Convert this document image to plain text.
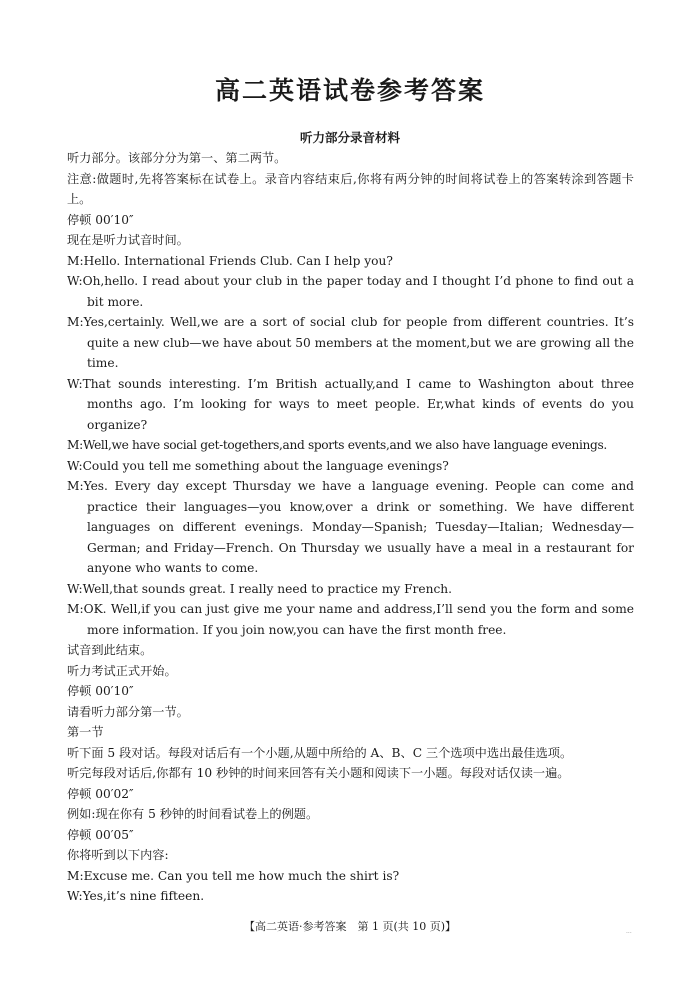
高二英语试卷参考答案
听力部分录音材料

听力部分。该部分分为第一、第二两节。

注意:做题时,先将答案标在试卷上。录音内容结束后,你将有两分钟的时间将试卷上的答案转涂到答题卡上。

停顿 00′10″

现在是听力试音时间。

M:Hello. International Friends Club. Can I help you?

W:Oh,hello. I read about your club in the paper today and I thought I’d phone to find out a bit more.

M:Yes,certainly. Well,we are a sort of social club for people from different countries. It’s quite a new club—we have about 50 members at the moment,but we are growing all the time.

W:That sounds interesting. I’m British actually,and I came to Washington about three months ago. I’m looking for ways to meet people. Er,what kinds of events do you organize?

M:Well,we have social get-togethers,and sports events,and we also have language evenings.

W:Could you tell me something about the language evenings?

M:Yes. Every day except Thursday we have a language evening. People can come and practice their languages—you know,over a drink or something. We have different languages on different evenings. Monday—Spanish; Tuesday—Italian; Wednesday—German; and Friday—French. On Thursday we usually have a meal in a restaurant for anyone who wants to come.

W:Well,that sounds great. I really need to practice my French.

M:OK. Well,if you can just give me your name and address,I’ll send you the form and some more information. If you join now,you can have the first month free.

试音到此结束。

听力考试正式开始。

停顿 00′10″

请看听力部分第一节。

第一节

听下面 5 段对话。每段对话后有一个小题,从题中所给的 A、B、C 三个选项中选出最佳选项。

听完每段对话后,你都有 10 秒钟的时间来回答有关小题和阅读下一小题。每段对话仅读一遍。

停顿 00′02″

例如:现在你有 5 秒钟的时间看试卷上的例题。

停顿 00′05″

你将听到以下内容:

M:Excuse me. Can you tell me how much the shirt is?

W:Yes,it’s nine fifteen.

【高二英语·参考答案　第 1 页(共 10 页)】	...
